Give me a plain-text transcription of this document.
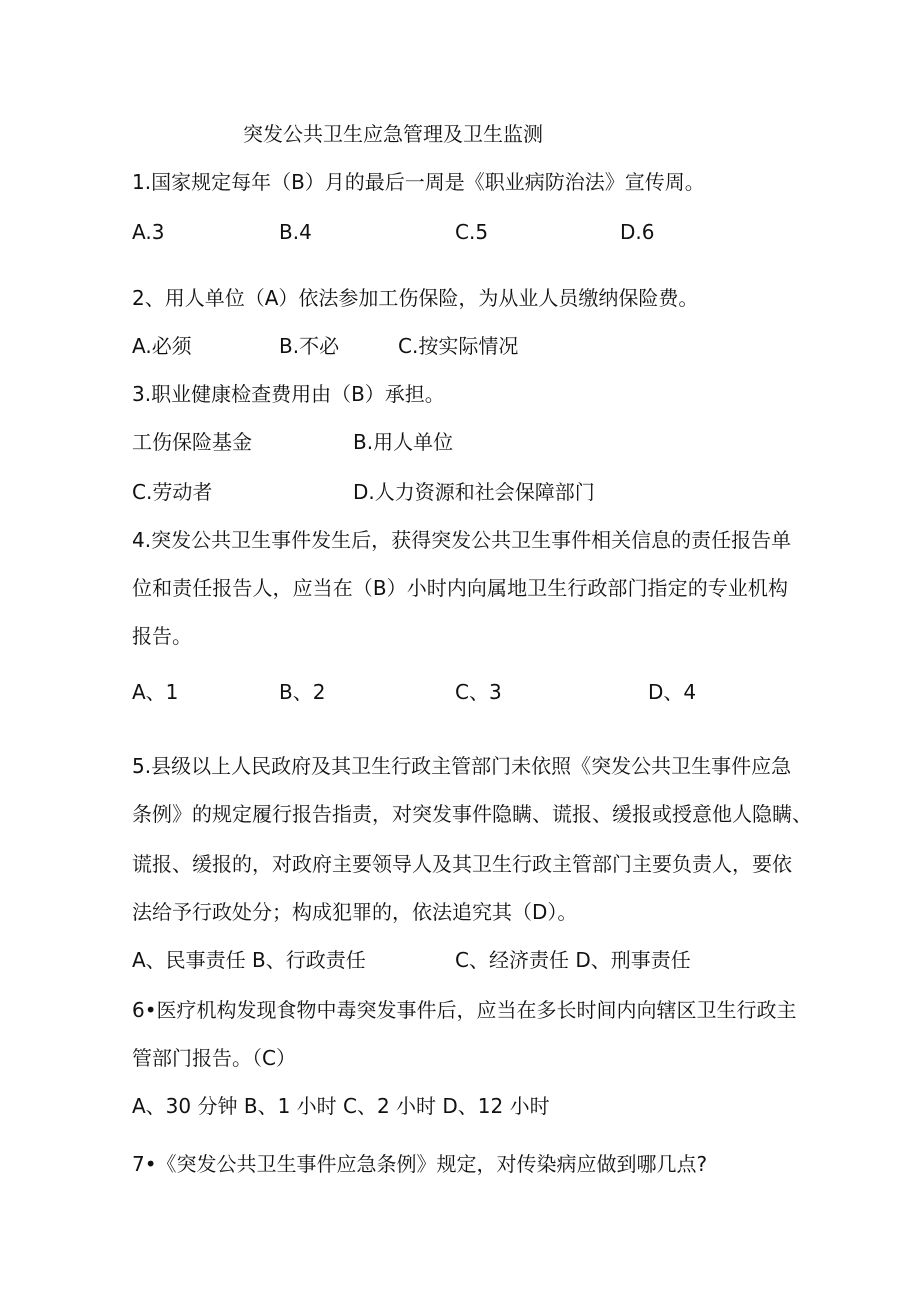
突发公共卫生应急管理及卫生监测
1.国家规定每年（B）月的最后一周是《职业病防治法》宣传周。
A.3	B.4	C.5	D.6
2、用人单位（A）依法参加工伤保险，为从业人员缴纳保险费。
A.必须	B.不必	C.按实际情况
3.职业健康检查费用由（B）承担。
工伤保险基金	B.用人单位
C.劳动者	D.人力资源和社会保障部门
4.突发公共卫生事件发生后，获得突发公共卫生事件相关信息的责任报告单
位和责任报告人，应当在（B）小时内向属地卫生行政部门指定的专业机构
报告。
A、1	B、2	C、3	D、4
5.县级以上人民政府及其卫生行政主管部门未依照《突发公共卫生事件应急
条例》的规定履行报告指责，对突发事件隐瞒、谎报、缓报或授意他人隐瞒、
谎报、缓报的，对政府主要领导人及其卫生行政主管部门主要负责人，要依
法给予行政处分；构成犯罪的，依法追究其（D）。
A、民事责任 B、行政责任	C、经济责任 D、刑事责任
6•医疗机构发现食物中毒突发事件后，应当在多长时间内向辖区卫生行政主
管部门报告。（C）
A、30 分钟 B、1 小时 C、2 小时 D、12 小时
7•《突发公共卫生事件应急条例》规定，对传染病应做到哪几点?
